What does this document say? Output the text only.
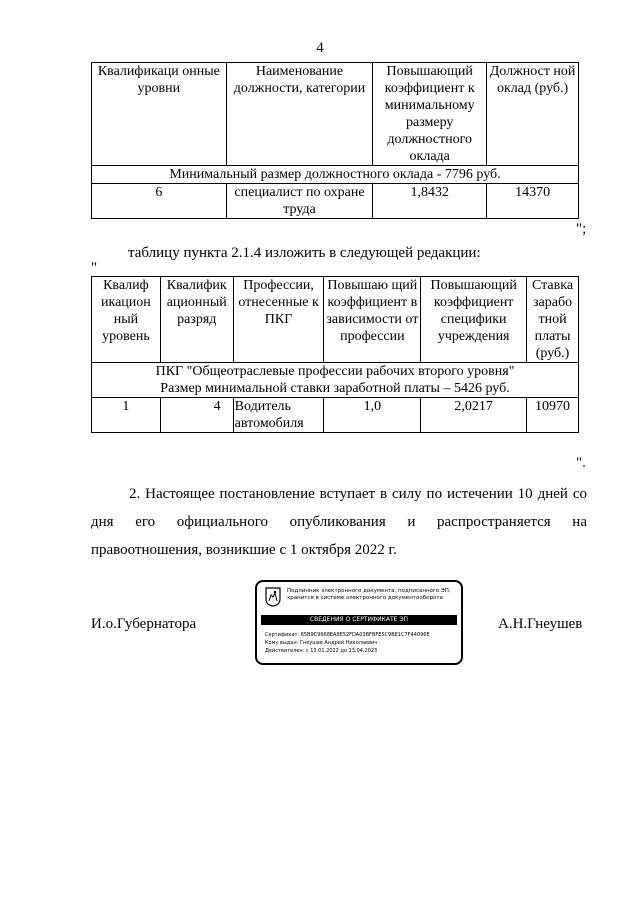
4
Квалификаци онные уровни	Наименование должности, категории	Повышающий коэффициент к минимальному размеру должностного оклада	Должност ной оклад (руб.)
Минимальный размер должностного оклада - 7796 руб.			
6	специалист по охране труда	1,8432	14370
";
таблицу пункта 2.1.4 изложить в следующей редакции:
"
Квалиф икацион ный уровень	Квалифик ационный разряд	Профессии, отнесенные к ПКГ	Повышаю щий коэффициент в зависимости от профессии	Повышающий коэффициент специфики учреждения	Ставка зарабо тной платы (руб.)

ПКГ "Общеотраслевые профессии рабочих второго уровня"
Размер минимальной ставки заработной платы – 5426 руб.					

1	4	Водитель автомобиля	1,0	2,0217	10970
".
2. Настоящее постановление вступает в силу по истечении 10 дней со дня его официального опубликования и распространяется на правоотношения, возникшие с 1 октября 2022 г.
И.о.Губернатора	А.Н.Гнеушев
Подлинник электронного документа, подписанного ЭП, хранится в системе электронного документооборота
СВЕДЕНИЯ О СЕРТИФИКАТЕ ЭП
Сертификат: 65B9C9668EA8E52FDA03BFBFE5C9BE1C7F44096E
Кому выдан: Гнеушев Андрей Николаевич
Действителен: с 13.01.2022 до 13.04.2023
